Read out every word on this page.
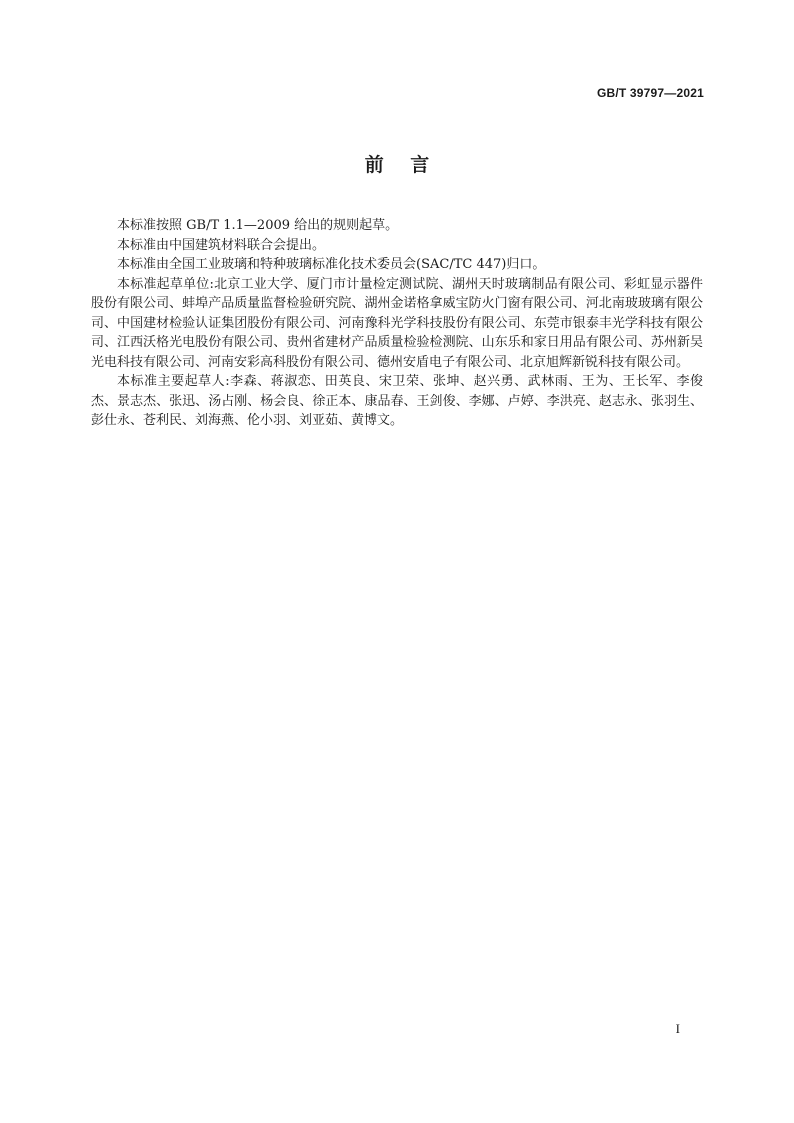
GB/T 39797—2021
前    言

本标准按照 GB/T 1.1—2009 给出的规则起草。

本标准由中国建筑材料联合会提出。

本标准由全国工业玻璃和特种玻璃标准化技术委员会(SAC/TC 447)归口。

本标准起草单位:北京工业大学、厦门市计量检定测试院、湖州天时玻璃制品有限公司、彩虹显示器件股份有限公司、蚌埠产品质量监督检验研究院、湖州金诺格拿威宝防火门窗有限公司、河北南玻玻璃有限公司、中国建材检验认证集团股份有限公司、河南豫科光学科技股份有限公司、东莞市银泰丰光学科技有限公司、江西沃格光电股份有限公司、贵州省建材产品质量检验检测院、山东乐和家日用品有限公司、苏州新吴光电科技有限公司、河南安彩高科股份有限公司、德州安盾电子有限公司、北京旭辉新锐科技有限公司。

本标准主要起草人:李森、蒋淑恋、田英良、宋卫荣、张坤、赵兴勇、武林雨、王为、王长军、李俊杰、景志杰、张迅、汤占刚、杨会良、徐正本、康品春、王剑俊、李娜、卢婷、李洪亮、赵志永、张羽生、彭仕永、苍利民、刘海燕、伦小羽、刘亚茹、黄博文。

I
